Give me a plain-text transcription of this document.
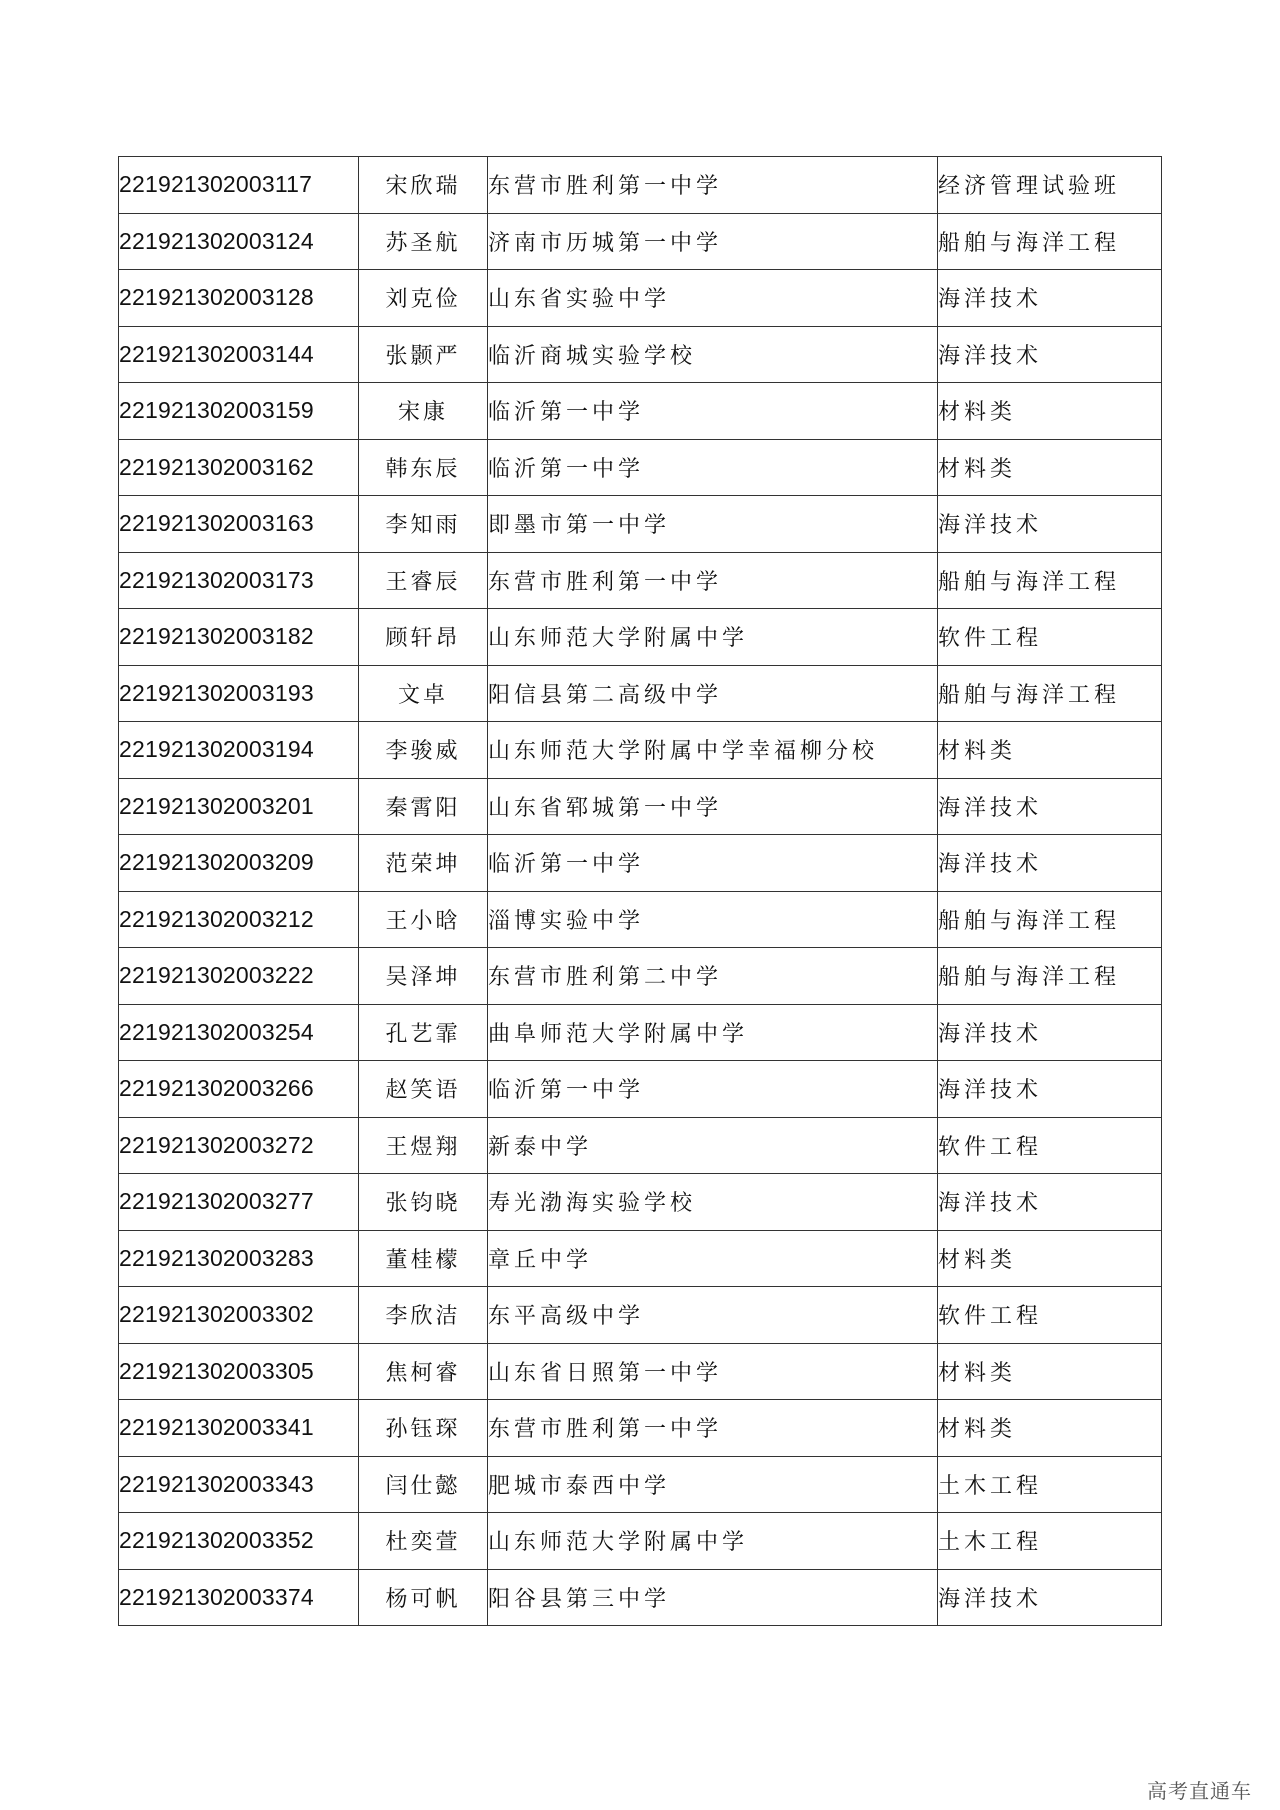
221921302003117	宋欣瑞	东营市胜利第一中学	经济管理试验班
221921302003124	苏圣航	济南市历城第一中学	船舶与海洋工程
221921302003128	刘克俭	山东省实验中学	海洋技术
221921302003144	张颢严	临沂商城实验学校	海洋技术
221921302003159	宋康	临沂第一中学	材料类
221921302003162	韩东辰	临沂第一中学	材料类
221921302003163	李知雨	即墨市第一中学	海洋技术
221921302003173	王睿辰	东营市胜利第一中学	船舶与海洋工程
221921302003182	顾轩昂	山东师范大学附属中学	软件工程
221921302003193	文卓	阳信县第二高级中学	船舶与海洋工程
221921302003194	李骏威	山东师范大学附属中学幸福柳分校	材料类
221921302003201	秦霄阳	山东省郓城第一中学	海洋技术
221921302003209	范荣坤	临沂第一中学	海洋技术
221921302003212	王小晗	淄博实验中学	船舶与海洋工程
221921302003222	吴泽坤	东营市胜利第二中学	船舶与海洋工程
221921302003254	孔艺霏	曲阜师范大学附属中学	海洋技术
221921302003266	赵笑语	临沂第一中学	海洋技术
221921302003272	王煜翔	新泰中学	软件工程
221921302003277	张钧晓	寿光渤海实验学校	海洋技术
221921302003283	董桂檬	章丘中学	材料类
221921302003302	李欣洁	东平高级中学	软件工程
221921302003305	焦柯睿	山东省日照第一中学	材料类
221921302003341	孙钰琛	东营市胜利第一中学	材料类
221921302003343	闫仕懿	肥城市泰西中学	土木工程
221921302003352	杜奕萱	山东师范大学附属中学	土木工程
221921302003374	杨可帆	阳谷县第三中学	海洋技术
高考直通车
